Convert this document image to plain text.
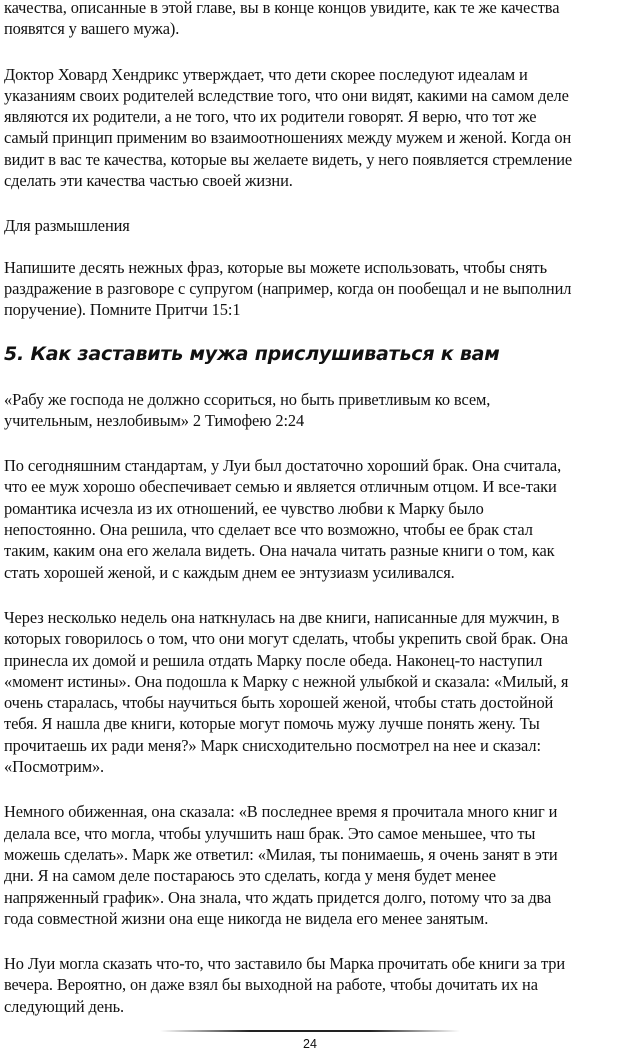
качества, описанные в этой главе, вы в конце концов увидите, как те же качества
появятся у вашего мужа).

Доктор Ховард Хендрикс утверждает, что дети скорее последуют идеалам и
указаниям своих родителей вследствие того, что они видят, какими на самом деле
являются их родители, а не того, что их родители говорят. Я верю, что тот же
самый принцип применим во взаимоотношениях между мужем и женой. Когда он
видит в вас те качества, которые вы желаете видеть, у него появляется стремление
сделать эти качества частью своей жизни.

Для размышления

Напишите десять нежных фраз, которые вы можете использовать, чтобы снять
раздражение в разговоре с супругом (например, когда он пообещал и не выполнил
поручение). Помните Притчи 15:1

5. Как заставить мужа прислушиваться к вам

«Рабу же господа не должно ссориться, но быть приветливым ко всем,
учительным, незлобивым» 2 Тимофею 2:24

По сегодняшним стандартам, у Луи был достаточно хороший брак. Она считала,
что ее муж хорошо обеспечивает семью и является отличным отцом. И все-таки
романтика исчезла из их отношений, ее чувство любви к Марку было
непостоянно. Она решила, что сделает все что возможно, чтобы ее брак стал
таким, каким она его желала видеть. Она начала читать разные книги о том, как
стать хорошей женой, и с каждым днем ее энтузиазм усиливался.

Через несколько недель она наткнулась на две книги, написанные для мужчин, в
которых говорилось о том, что они могут сделать, чтобы укрепить свой брак. Она
принесла их домой и решила отдать Марку после обеда. Наконец-то наступил
«момент истины». Она подошла к Марку с нежной улыбкой и сказала: «Милый, я
очень старалась, чтобы научиться быть хорошей женой, чтобы стать достойной
тебя. Я нашла две книги, которые могут помочь мужу лучше понять жену. Ты
прочитаешь их ради меня?» Марк снисходительно посмотрел на нее и сказал:
«Посмотрим».

Немного обиженная, она сказала: «В последнее время я прочитала много книг и
делала все, что могла, чтобы улучшить наш брак. Это самое меньшее, что ты
можешь сделать». Марк же ответил: «Милая, ты понимаешь, я очень занят в эти
дни. Я на самом деле постараюсь это сделать, когда у меня будет менее
напряженный график». Она знала, что ждать придется долго, потому что за два
года совместной жизни она еще никогда не видела его менее занятым.

Но Луи могла сказать что-то, что заставило бы Марка прочитать обе книги за три
вечера. Вероятно, он даже взял бы выходной на работе, чтобы дочитать их на
следующий день.

24
